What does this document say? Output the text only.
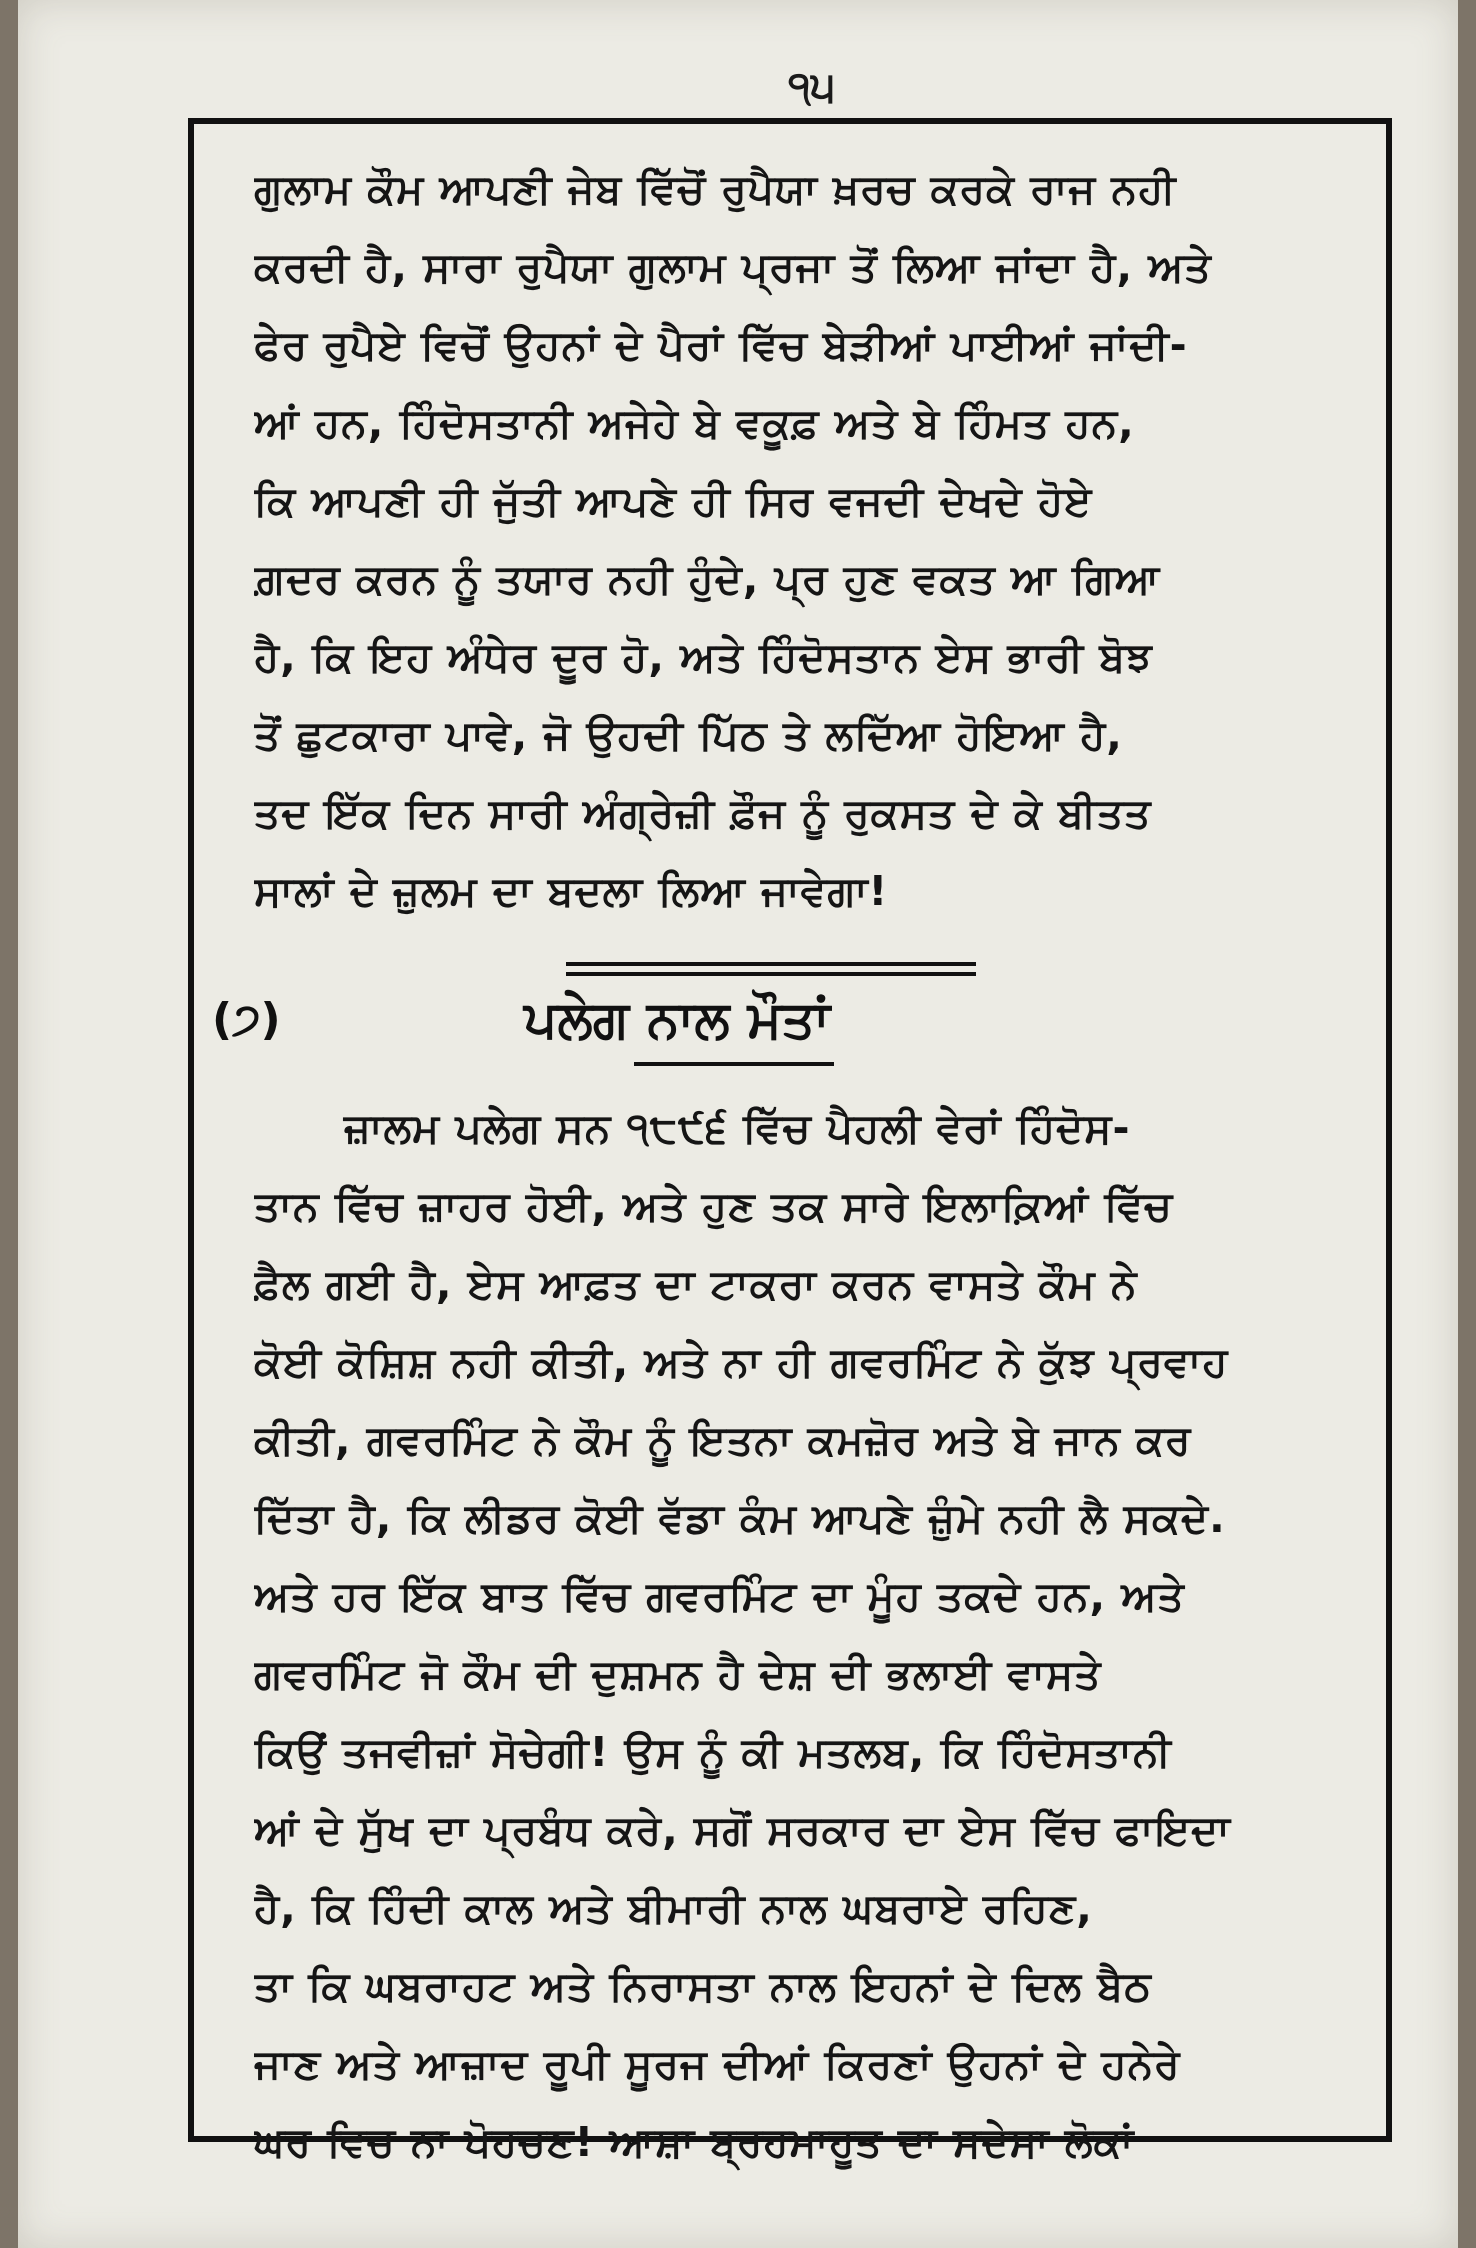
੧੫
ਗੁਲਾਮ ਕੌਮ ਆਪਣੀ ਜੇਬ ਵਿੱਚੋਂ ਰੁਪੈਯਾ ਖ਼ਰਚ ਕਰਕੇ ਰਾਜ ਨਹੀ
ਕਰਦੀ ਹੈ, ਸਾਰਾ ਰੁਪੈਯਾ ਗੁਲਾਮ ਪ੍ਰਜਾ ਤੋਂ ਲਿਆ ਜਾਂਦਾ ਹੈ, ਅਤੇ
ਫੇਰ ਰੁਪੈਏ ਵਿਚੋਂ ਉਹਨਾਂ ਦੇ ਪੈਰਾਂ ਵਿੱਚ ਬੇੜੀਆਂ ਪਾਈਆਂ ਜਾਂਦੀ-
ਆਂ ਹਨ, ਹਿੰਦੋਸਤਾਨੀ ਅਜੇਹੇ ਬੇ ਵਕੂਫ਼ ਅਤੇ ਬੇ ਹਿੰਮਤ ਹਨ,
ਕਿ ਆਪਣੀ ਹੀ ਜੁੱਤੀ ਆਪਣੇ ਹੀ ਸਿਰ ਵਜਦੀ ਦੇਖਦੇ ਹੋਏ
ਗ਼ਦਰ ਕਰਨ ਨੂੰ ਤਯਾਰ ਨਹੀ ਹੁੰਦੇ, ਪ੍ਰ ਹੁਣ ਵਕਤ ਆ ਗਿਆ
ਹੈ, ਕਿ ਇਹ ਅੰਧੇਰ ਦੂਰ ਹੋ, ਅਤੇ ਹਿੰਦੋਸਤਾਨ ਏਸ ਭਾਰੀ ਬੋਝ
ਤੋਂ ਛੁਟਕਾਰਾ ਪਾਵੇ, ਜੋ ਉਹਦੀ ਪਿੱਠ ਤੇ ਲਦਿੱਆ ਹੋਇਆ ਹੈ,
ਤਦ ਇੱਕ ਦਿਨ ਸਾਰੀ ਅੰਗ੍ਰੇਜ਼ੀ ਫ਼ੌਜ ਨੂੰ ਰੁਕਸਤ ਦੇ ਕੇ ਬੀਤਤ
ਸਾਲਾਂ ਦੇ ਜ਼ੁਲਮ ਦਾ ਬਦਲਾ ਲਿਆ ਜਾਵੇਗਾ!
(੭)	ਪਲੇਗ ਨਾਲ ਮੌਤਾਂ
ਜ਼ਾਲਮ ਪਲੇਗ ਸਨ ੧੮੯੬ ਵਿੱਚ ਪੈਹਲੀ ਵੇਰਾਂ ਹਿੰਦੋਸ-
ਤਾਨ ਵਿੱਚ ਜ਼ਾਹਰ ਹੋਈ, ਅਤੇ ਹੁਣ ਤਕ ਸਾਰੇ ਇਲਾਕ਼ਿਆਂ ਵਿੱਚ
ਫ਼ੈਲ ਗਈ ਹੈ, ਏਸ ਆਫ਼ਤ ਦਾ ਟਾਕਰਾ ਕਰਨ ਵਾਸਤੇ ਕੌਮ ਨੇ
ਕੋਈ ਕੋਸ਼ਿਸ਼ ਨਹੀ ਕੀਤੀ, ਅਤੇ ਨਾ ਹੀ ਗਵਰਮਿੰਟ ਨੇ ਕੁੱਝ ਪ੍ਰਵਾਹ
ਕੀਤੀ, ਗਵਰਮਿੰਟ ਨੇ ਕੌਮ ਨੂੰ ਇਤਨਾ ਕਮਜ਼ੋਰ ਅਤੇ ਬੇ ਜਾਨ ਕਰ
ਦਿੱਤਾ ਹੈ, ਕਿ ਲੀਡਰ ਕੋਈ ਵੱਡਾ ਕੰਮ ਆਪਣੇ ਜ਼ੁੰਮੇ ਨਹੀ ਲੈ ਸਕਦੇ.
ਅਤੇ ਹਰ ਇੱਕ ਬਾਤ ਵਿੱਚ ਗਵਰਮਿੰਟ ਦਾ ਮੂੰਹ ਤਕਦੇ ਹਨ, ਅਤੇ
ਗਵਰਮਿੰਟ ਜੋ ਕੌਮ ਦੀ ਦੁਸ਼ਮਨ ਹੈ ਦੇਸ਼ ਦੀ ਭਲਾਈ ਵਾਸਤੇ
ਕਿਉਂ ਤਜਵੀਜ਼ਾਂ ਸੋਚੇਗੀ! ਉਸ ਨੂੰ ਕੀ ਮਤਲਬ, ਕਿ ਹਿੰਦੋਸਤਾਨੀ
ਆਂ ਦੇ ਸੁੱਖ ਦਾ ਪ੍ਰਬੰਧ ਕਰੇ, ਸਗੋਂ ਸਰਕਾਰ ਦਾ ਏਸ ਵਿੱਚ ਫਾਇਦਾ
ਹੈ, ਕਿ ਹਿੰਦੀ ਕਾਲ ਅਤੇ ਬੀਮਾਰੀ ਨਾਲ ਘਬਰਾਏ ਰਹਿਣ,
ਤਾ ਕਿ ਘਬਰਾਹਟ ਅਤੇ ਨਿਰਾਸਤਾ ਨਾਲ ਇਹਨਾਂ ਦੇ ਦਿਲ ਬੈਠ
ਜਾਣ ਅਤੇ ਆਜ਼ਾਦ ਰੂਪੀ ਸੂਰਜ ਦੀਆਂ ਕਿਰਣਾਂ ਉਹਨਾਂ ਦੇ ਹਨੇਰੇ
ਘਰ ਵਿਚ ਨਾ ਪੋਹਚਣ! ਆਸ਼ਾ ਬ੍ਰਹਮਾਹੂਤ ਦਾ ਸਦੇਸਾ ਲੋਕਾਂ
